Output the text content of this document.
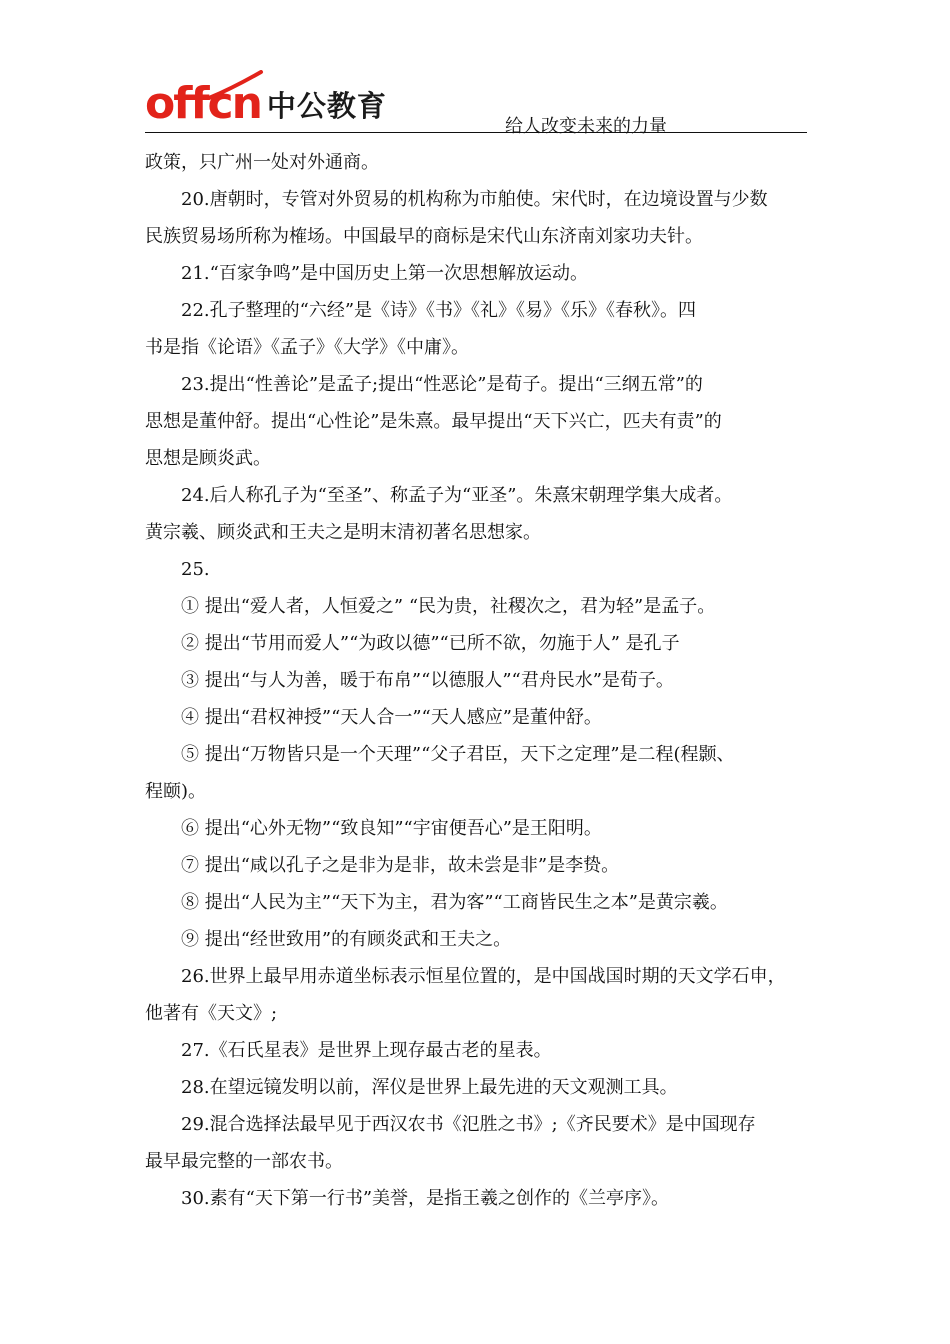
offcn 中公教育
给人改变未来的力量
政策，只广州一处对外通商。
20.唐朝时，专管对外贸易的机构称为市舶使。宋代时，在边境设置与少数
民族贸易场所称为榷场。中国最早的商标是宋代山东济南刘家功夫针。
21.“百家争鸣”是中国历史上第一次思想解放运动。
22.孔子整理的“六经”是《诗》《书》《礼》《易》《乐》《春秋》。四
书是指《论语》《孟子》《大学》《中庸》。
23.提出“性善论”是孟子;提出“性恶论”是荀子。提出“三纲五常”的
思想是董仲舒。提出“心性论”是朱熹。最早提出“天下兴亡，匹夫有责”的
思想是顾炎武。
24.后人称孔子为“至圣”、称孟子为“亚圣”。朱熹宋朝理学集大成者。
黄宗羲、顾炎武和王夫之是明末清初著名思想家。
25.
① 提出“爱人者，人恒爱之” “民为贵，社稷次之，君为轻”是孟子。
② 提出“节用而爱人”“为政以德”“已所不欲，勿施于人” 是孔子
③ 提出“与人为善，暖于布帛”“以德服人”“君舟民水”是荀子。
④ 提出“君权神授”“天人合一”“天人感应”是董仲舒。
⑤ 提出“万物皆只是一个天理”“父子君臣，天下之定理”是二程(程颢、
程颐)。
⑥ 提出“心外无物”“致良知”“宇宙便吾心”是王阳明。
⑦ 提出“咸以孔子之是非为是非，故未尝是非”是李贽。
⑧ 提出“人民为主”“天下为主，君为客”“工商皆民生之本”是黄宗羲。
⑨ 提出“经世致用”的有顾炎武和王夫之。
26.世界上最早用赤道坐标表示恒星位置的，是中国战国时期的天文学石申，
他著有《天文》;
27.《石氏星表》是世界上现存最古老的星表。
28.在望远镜发明以前，浑仪是世界上最先进的天文观测工具。
29.混合选择法最早见于西汉农书《氾胜之书》;《齐民要术》是中国现存
最早最完整的一部农书。
30.素有“天下第一行书”美誉，是指王羲之创作的《兰亭序》。
